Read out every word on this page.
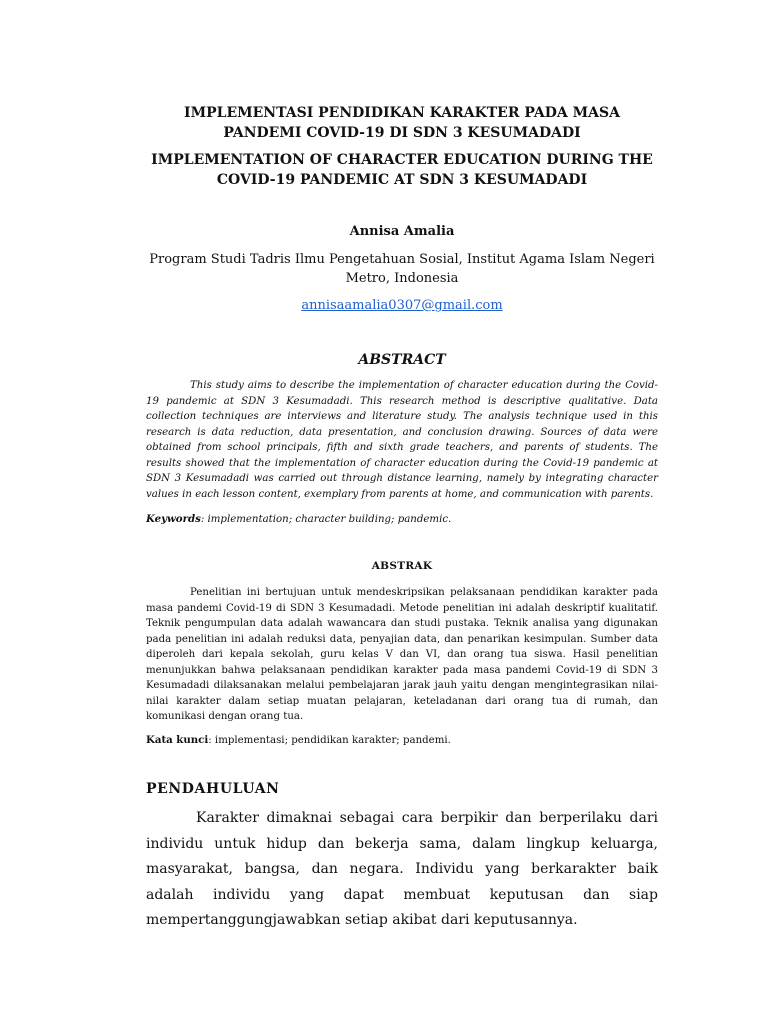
IMPLEMENTASI PENDIDIKAN KARAKTER PADA MASA PANDEMI COVID-19 DI SDN 3 KESUMADADI
IMPLEMENTATION OF CHARACTER EDUCATION DURING THE COVID-19 PANDEMIC AT SDN 3 KESUMADADI
Annisa Amalia
Program Studi Tadris Ilmu Pengetahuan Sosial, Institut Agama Islam Negeri Metro, Indonesia
annisaamalia0307@gmail.com
ABSTRACT
This study aims to describe the implementation of character education during the Covid-19 pandemic at SDN 3 Kesumadadi. This research method is descriptive qualitative. Data collection techniques are interviews and literature study. The analysis technique used in this research is data reduction, data presentation, and conclusion drawing. Sources of data were obtained from school principals, fifth and sixth grade teachers, and parents of students. The results showed that the implementation of character education during the Covid-19 pandemic at SDN 3 Kesumadadi was carried out through distance learning, namely by integrating character values in each lesson content, exemplary from parents at home, and communication with parents.
Keywords: implementation; character building; pandemic.
ABSTRAK
Penelitian ini bertujuan untuk mendeskripsikan pelaksanaan pendidikan karakter pada masa pandemi Covid-19 di SDN 3 Kesumadadi. Metode penelitian ini adalah deskriptif kualitatif. Teknik pengumpulan data adalah wawancara dan studi pustaka. Teknik analisa yang digunakan pada penelitian ini adalah reduksi data, penyajian data, dan penarikan kesimpulan. Sumber data diperoleh dari kepala sekolah, guru kelas V dan VI, dan orang tua siswa. Hasil penelitian menunjukkan bahwa pelaksanaan pendidikan karakter pada masa pandemi Covid-19 di SDN 3 Kesumadadi dilaksanakan melalui pembelajaran jarak jauh yaitu dengan mengintegrasikan nilai-nilai karakter dalam setiap muatan pelajaran, keteladanan dari orang tua di rumah, dan komunikasi dengan orang tua.
Kata kunci: implementasi; pendidikan karakter; pandemi.
PENDAHULUAN
Karakter dimaknai sebagai cara berpikir dan berperilaku dari individu untuk hidup dan bekerja sama, dalam lingkup keluarga, masyarakat, bangsa, dan negara. Individu yang berkarakter baik adalah individu yang dapat membuat keputusan dan siap mempertanggungjawabkan setiap akibat dari keputusannya.
